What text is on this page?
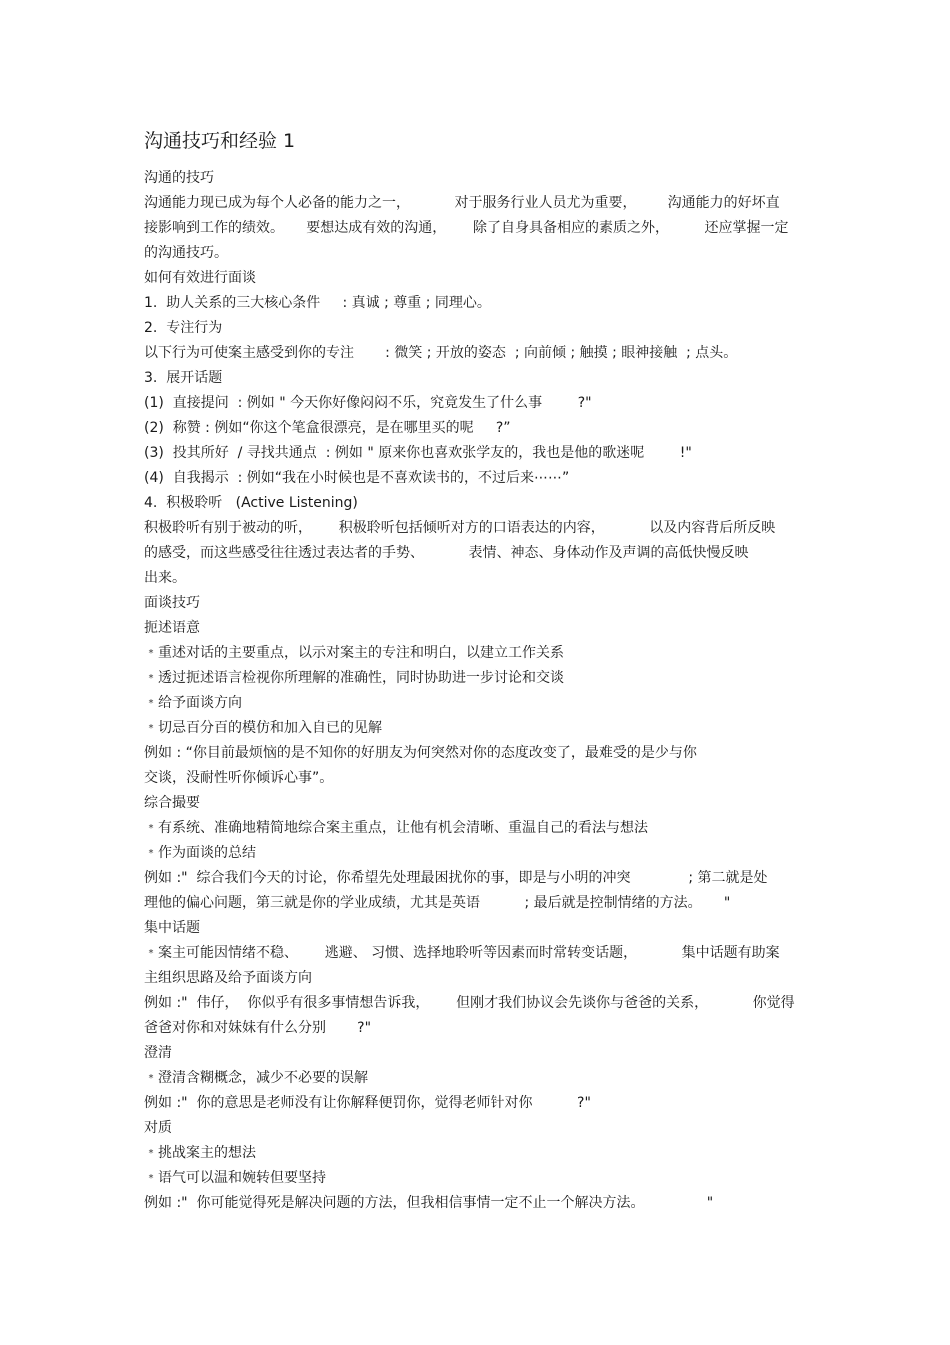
沟通技巧和经验 1
沟通的技巧
沟通能力现已成为每个人必备的能力之一，          对于服务行业人员尤为重要，       沟通能力的好坏直
接影响到工作的绩效。     要想达成有效的沟通，      除了自身具备相应的素质之外，        还应掌握一定
的沟通技巧。
如何有效进行面谈
1.  助人关系的三大核心条件     : 真诚 ; 尊重 ; 同理心。
2.  专注行为
以下行为可使案主感受到你的专注       : 微笑 ; 开放的姿态  ; 向前倾 ; 触摸 ; 眼神接触  ; 点头。
3.  展开话题
(1)  直接提问  : 例如 " 今天你好像闷闷不乐，究竟发生了什么事        ?"
(2)  称赞 : 例如“你这个笔盒很漂亮，是在哪里买的呢     ?”
(3)  投其所好  / 寻找共通点  : 例如 " 原来你也喜欢张学友的，我也是他的歌迷呢        !"
(4)  自我揭示  : 例如“我在小时候也是不喜欢读书的，不过后来⋯⋯”
4.  积极聆听   (Active Listening)
积极聆听有别于被动的听，      积极聆听包括倾听对方的口语表达的内容，          以及内容背后所反映
的感受，而这些感受往往透过表达者的手势、          表情、神态、身体动作及声调的高低快慢反映
出来。
面谈技巧
扼述语意
* 重述对话的主要重点，以示对案主的专注和明白，以建立工作关系
* 透过扼述语言检视你所理解的准确性，同时协助进一步讨论和交谈
* 给予面谈方向
* 切忌百分百的模仿和加入自已的见解
例如 : “你目前最烦恼的是不知你的好朋友为何突然对你的态度改变了，最难受的是少与你
交谈，没耐性听你倾诉心事”。
综合撮要
* 有系统、准确地精简地综合案主重点，让他有机会清晰、重温自己的看法与想法
* 作为面谈的总结
例如 :"  综合我们今天的讨论，你希望先处理最困扰你的事，即是与小明的冲突             ; 第二就是处
理他的偏心问题，第三就是你的学业成绩，尤其是英语          ; 最后就是控制情绪的方法。     "
集中话题
* 案主可能因情绪不稳、      逃避、 习惯、选择地聆听等因素而时常转变话题，          集中话题有助案
主组织思路及给予面谈方向
例如 :"  伟仔，  你似乎有很多事情想告诉我，      但刚才我们协议会先谈你与爸爸的关系，          你觉得
爸爸对你和对妹妹有什么分别       ?"
澄清
* 澄清含糊概念，减少不必要的误解
例如 :"  你的意思是老师没有让你解释便罚你，觉得老师针对你          ?"
对质
* 挑战案主的想法
* 语气可以温和婉转但要坚持
例如 :"  你可能觉得死是解决问题的方法，但我相信事情一定不止一个解决方法。              "
